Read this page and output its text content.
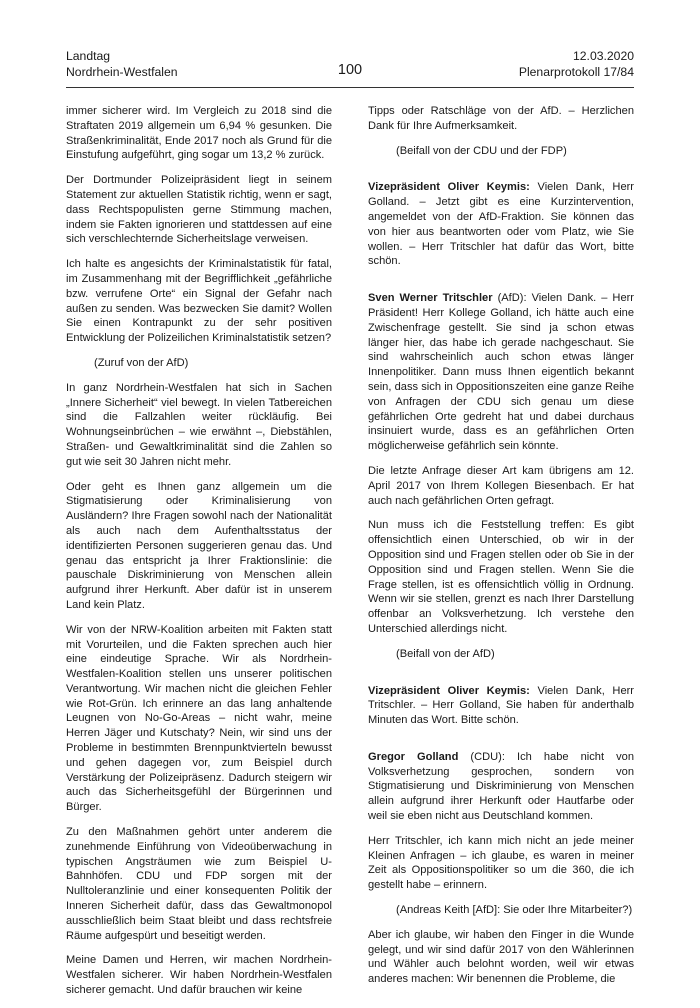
Landtag
Nordrhein-Westfalen	100
12.03.2020
Plenarprotokoll 17/84

immer sicherer wird. Im Vergleich zu 2018 sind die Straftaten 2019 allgemein um 6,94 % gesunken. Die Straßenkriminalität, Ende 2017 noch als Grund für die Einstufung aufgeführt, ging sogar um 13,2 % zurück.

Der Dortmunder Polizeipräsident liegt in seinem Statement zur aktuellen Statistik richtig, wenn er sagt, dass Rechtspopulisten gerne Stimmung machen, indem sie Fakten ignorieren und stattdessen auf eine sich verschlechternde Sicherheitslage verweisen.

Ich halte es angesichts der Kriminalstatistik für fatal, im Zusammenhang mit der Begrifflichkeit „gefährliche bzw. verrufene Orte“ ein Signal der Gefahr nach außen zu senden. Was bezwecken Sie damit? Wollen Sie einen Kontrapunkt zu der sehr positiven Entwicklung der Polizeilichen Kriminalstatistik setzen?

(Zuruf von der AfD)

In ganz Nordrhein-Westfalen hat sich in Sachen „Innere Sicherheit“ viel bewegt. In vielen Tatbereichen sind die Fallzahlen weiter rückläufig. Bei Wohnungseinbrüchen – wie erwähnt –, Diebstählen, Straßen- und Gewaltkriminalität sind die Zahlen so gut wie seit 30 Jahren nicht mehr.

Oder geht es Ihnen ganz allgemein um die Stigmatisierung oder Kriminalisierung von Ausländern? Ihre Fragen sowohl nach der Nationalität als auch nach dem Aufenthaltsstatus der identifizierten Personen suggerieren genau das. Und genau das entspricht ja Ihrer Fraktionslinie: die pauschale Diskriminierung von Menschen allein aufgrund ihrer Herkunft. Aber dafür ist in unserem Land kein Platz.

Wir von der NRW-Koalition arbeiten mit Fakten statt mit Vorurteilen, und die Fakten sprechen auch hier eine eindeutige Sprache. Wir als Nordrhein-Westfalen-Koalition stellen uns unserer politischen Verantwortung. Wir machen nicht die gleichen Fehler wie Rot-Grün. Ich erinnere an das lang anhaltende Leugnen von No-Go-Areas – nicht wahr, meine Herren Jäger und Kutschaty? Nein, wir sind uns der Probleme in bestimmten Brennpunktvierteln bewusst und gehen dagegen vor, zum Beispiel durch Verstärkung der Polizeipräsenz. Dadurch steigern wir auch das Sicherheitsgefühl der Bürgerinnen und Bürger.

Zu den Maßnahmen gehört unter anderem die zunehmende Einführung von Videoüberwachung in typischen Angsträumen wie zum Beispiel U-Bahnhöfen. CDU und FDP sorgen mit der Nulltoleranzlinie und einer konsequenten Politik der Inneren Sicherheit dafür, dass das Gewaltmonopol ausschließlich beim Staat bleibt und dass rechtsfreie Räume aufgespürt und beseitigt werden.

Meine Damen und Herren, wir machen Nordrhein-Westfalen sicherer. Wir haben Nordrhein-Westfalen sicherer gemacht. Und dafür brauchen wir keine

Tipps oder Ratschläge von der AfD. – Herzlichen Dank für Ihre Aufmerksamkeit.

(Beifall von der CDU und der FDP)

Vizepräsident Oliver Keymis: Vielen Dank, Herr Golland. – Jetzt gibt es eine Kurzintervention, angemeldet von der AfD-Fraktion. Sie können das von hier aus beantworten oder vom Platz, wie Sie wollen. – Herr Tritschler hat dafür das Wort, bitte schön.

Sven Werner Tritschler (AfD): Vielen Dank. – Herr Präsident! Herr Kollege Golland, ich hätte auch eine Zwischenfrage gestellt. Sie sind ja schon etwas länger hier, das habe ich gerade nachgeschaut. Sie sind wahrscheinlich auch schon etwas länger Innenpolitiker. Dann muss Ihnen eigentlich bekannt sein, dass sich in Oppositionszeiten eine ganze Reihe von Anfragen der CDU sich genau um diese gefährlichen Orte gedreht hat und dabei durchaus insinuiert wurde, dass es an gefährlichen Orten möglicherweise gefährlich sein könnte.

Die letzte Anfrage dieser Art kam übrigens am 12. April 2017 von Ihrem Kollegen Biesenbach. Er hat auch nach gefährlichen Orten gefragt.

Nun muss ich die Feststellung treffen: Es gibt offensichtlich einen Unterschied, ob wir in der Opposition sind und Fragen stellen oder ob Sie in der Opposition sind und Fragen stellen. Wenn Sie die Frage stellen, ist es offensichtlich völlig in Ordnung. Wenn wir sie stellen, grenzt es nach Ihrer Darstellung offenbar an Volksverhetzung. Ich verstehe den Unterschied allerdings nicht.

(Beifall von der AfD)

Vizepräsident Oliver Keymis: Vielen Dank, Herr Tritschler. – Herr Golland, Sie haben für anderthalb Minuten das Wort. Bitte schön.

Gregor Golland (CDU): Ich habe nicht von Volksverhetzung gesprochen, sondern von Stigmatisierung und Diskriminierung von Menschen allein aufgrund ihrer Herkunft oder Hautfarbe oder weil sie eben nicht aus Deutschland kommen.

Herr Tritschler, ich kann mich nicht an jede meiner Kleinen Anfragen – ich glaube, es waren in meiner Zeit als Oppositionspolitiker so um die 360, die ich gestellt habe – erinnern.

(Andreas Keith [AfD]: Sie oder Ihre Mitarbeiter?)

Aber ich glaube, wir haben den Finger in die Wunde gelegt, und wir sind dafür 2017 von den Wählerinnen und Wähler auch belohnt worden, weil wir etwas anderes machen: Wir benennen die Probleme, die
